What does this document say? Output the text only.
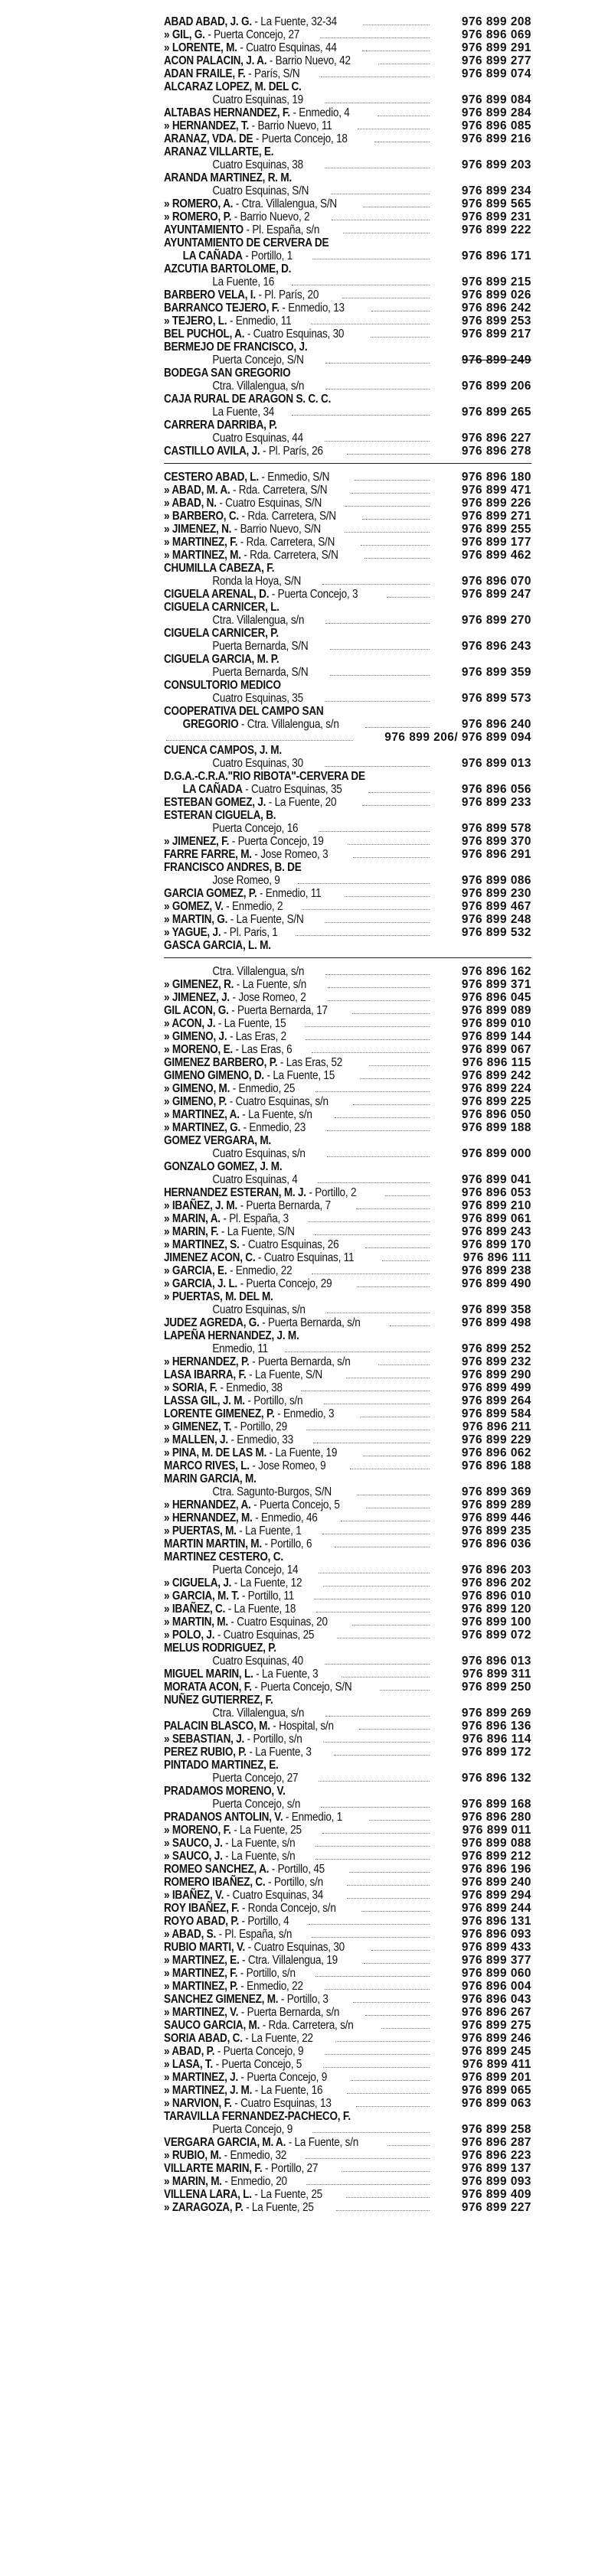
ABAD ABAD, J. G. - La Fuente, 32-34	976 899 208
» GIL, G. - Puerta Concejo, 27	976 896 069
» LORENTE, M. - Cuatro Esquinas, 44	976 899 291
ACON PALACIN, J. A. - Barrio Nuevo, 42	976 899 277
ADAN FRAILE, F. - París, S/N	976 899 074
ALCARAZ LOPEZ, M. DEL C.
Cuatro Esquinas, 19	976 899 084
ALTABAS HERNANDEZ, F. - Enmedio, 4	976 899 284
» HERNANDEZ, T. - Barrio Nuevo, 11	976 896 085
ARANAZ, VDA. DE - Puerta Concejo, 18	976 899 216
ARANAZ VILLARTE, E.
Cuatro Esquinas, 38	976 899 203
ARANDA MARTINEZ, R. M.
Cuatro Esquinas, S/N	976 899 234
» ROMERO, A. - Ctra. Villalengua, S/N	976 899 565
» ROMERO, P. - Barrio Nuevo, 2	976 899 231
AYUNTAMIENTO - Pl. España, s/n	976 899 222
AYUNTAMIENTO DE CERVERA DE
LA CAÑADA - Portillo, 1	976 896 171
AZCUTIA BARTOLOME, D.
La Fuente, 16	976 899 215
BARBERO VELA, I. - Pl. París, 20	976 899 026
BARRANCO TEJERO, F. - Enmedio, 13	976 896 242
» TEJERO, L. - Enmedio, 11	976 899 253
BEL PUCHOL, A. - Cuatro Esquinas, 30	976 899 217
BERMEJO DE FRANCISCO, J.
Puerta Concejo, S/N	976 899 249
BODEGA SAN GREGORIO
Ctra. Villalengua, s/n	976 899 206
CAJA RURAL DE ARAGON S. C. C.
La Fuente, 34	976 899 265
CARRERA DARRIBA, P.
Cuatro Esquinas, 44	976 896 227
CASTILLO AVILA, J. - Pl. París, 26	976 896 278
CESTERO ABAD, L. - Enmedio, S/N	976 896 180
» ABAD, M. A. - Rda. Carretera, S/N	976 899 471
» ABAD, N. - Cuatro Esquinas, S/N	976 899 226
» BARBERO, C. - Rda. Carretera, S/N	976 899 271
» JIMENEZ, N. - Barrio Nuevo, S/N	976 899 255
» MARTINEZ, F. - Rda. Carretera, S/N	976 899 177
» MARTINEZ, M. - Rda. Carretera, S/N	976 899 462
CHUMILLA CABEZA, F.
Ronda la Hoya, S/N	976 896 070
CIGUELA ARENAL, D. - Puerta Concejo, 3	976 899 247
CIGUELA CARNICER, L.
Ctra. Villalengua, s/n	976 899 270
CIGUELA CARNICER, P.
Puerta Bernarda, S/N	976 896 243
CIGUELA GARCIA, M. P.
Puerta Bernarda, S/N	976 899 359
CONSULTORIO MEDICO
Cuatro Esquinas, 35	976 899 573
COOPERATIVA DEL CAMPO SAN
GREGORIO - Ctra. Villalengua, s/n	976 896 240
976 899 206/ 976 899 094
CUENCA CAMPOS, J. M.
Cuatro Esquinas, 30	976 899 013
D.G.A.-C.R.A."RIO RIBOTA"-CERVERA DE
LA CAÑADA - Cuatro Esquinas, 35	976 896 056
ESTEBAN GOMEZ, J. - La Fuente, 20	976 899 233
ESTERAN CIGUELA, B.
Puerta Concejo, 16	976 899 578
» JIMENEZ, F. - Puerta Concejo, 19	976 899 370
FARRE FARRE, M. - Jose Romeo, 3	976 896 291
FRANCISCO ANDRES, B. DE
Jose Romeo, 9	976 899 086
GARCIA GOMEZ, P. - Enmedio, 11	976 899 230
» GOMEZ, V. - Enmedio, 2	976 899 467
» MARTIN, G. - La Fuente, S/N	976 899 248
» YAGUE, J. - Pl. Paris, 1	976 899 532
GASCA GARCIA, L. M.
Ctra. Villalengua, s/n	976 896 162
» GIMENEZ, R. - La Fuente, s/n	976 899 371
» JIMENEZ, J. - Jose Romeo, 2	976 896 045
GIL ACON, G. - Puerta Bernarda, 17	976 899 089
» ACON, J. - La Fuente, 15	976 899 010
» GIMENO, J. - Las Eras, 2	976 899 144
» MORENO, E. - Las Eras, 6	976 899 067
GIMENEZ BARBERO, P. - Las Eras, 52	976 896 115
GIMENO GIMENO, D. - La Fuente, 15	976 899 242
» GIMENO, M. - Enmedio, 25	976 899 224
» GIMENO, P. - Cuatro Esquinas, s/n	976 899 225
» MARTINEZ, A. - La Fuente, s/n	976 896 050
» MARTINEZ, G. - Enmedio, 23	976 899 188
GOMEZ VERGARA, M.
Cuatro Esquinas, s/n	976 899 000
GONZALO GOMEZ, J. M.
Cuatro Esquinas, 4	976 899 041
HERNANDEZ ESTERAN, M. J. - Portillo, 2	976 896 053
» IBAÑEZ, J. M. - Puerta Bernarda, 7	976 899 210
» MARIN, A. - Pl. España, 3	976 899 061
» MARIN, F. - La Fuente, S/N	976 899 243
» MARTINEZ, S. - Cuatro Esquinas, 26	976 899 170
JIMENEZ ACON, C. - Cuatro Esquinas, 11	976 896 111
» GARCIA, E. - Enmedio, 22	976 899 238
» GARCIA, J. L. - Puerta Concejo, 29	976 899 490
» PUERTAS, M. DEL M.
Cuatro Esquinas, s/n	976 899 358
JUDEZ AGREDA, G. - Puerta Bernarda, s/n	976 899 498
LAPEÑA HERNANDEZ, J. M.
Enmedio, 11	976 899 252
» HERNANDEZ, P. - Puerta Bernarda, s/n	976 899 232
LASA IBARRA, F. - La Fuente, S/N	976 899 290
» SORIA, F. - Enmedio, 38	976 899 499
LASSA GIL, J. M. - Portillo, s/n	976 899 264
LORENTE GIMENEZ, P. - Enmedio, 3	976 899 584
» GIMENEZ, T. - Portillo, 29	976 896 211
» MALLEN, J. - Enmedio, 33	976 899 229
» PINA, M. DE LAS M. - La Fuente, 19	976 896 062
MARCO RIVES, L. - Jose Romeo, 9	976 896 188
MARIN GARCIA, M.
Ctra. Sagunto-Burgos, S/N	976 899 369
» HERNANDEZ, A. - Puerta Concejo, 5	976 899 289
» HERNANDEZ, M. - Enmedio, 46	976 899 446
» PUERTAS, M. - La Fuente, 1	976 899 235
MARTIN MARTIN, M. - Portillo, 6	976 896 036
MARTINEZ CESTERO, C.
Puerta Concejo, 14	976 896 203
» CIGUELA, J. - La Fuente, 12	976 896 202
» GARCIA, M. T. - Portillo, 11	976 896 010
» IBAÑEZ, C. - La Fuente, 18	976 899 120
» MARTIN, M. - Cuatro Esquinas, 20	976 899 100
» POLO, J. - Cuatro Esquinas, 25	976 899 072
MELUS RODRIGUEZ, P.
Cuatro Esquinas, 40	976 896 013
MIGUEL MARIN, L. - La Fuente, 3	976 899 311
MORATA ACON, F. - Puerta Concejo, S/N	976 899 250
NUÑEZ GUTIERREZ, F.
Ctra. Villalengua, s/n	976 899 269
PALACIN BLASCO, M. - Hospital, s/n	976 896 136
» SEBASTIAN, J. - Portillo, s/n	976 896 114
PEREZ RUBIO, P. - La Fuente, 3	976 899 172
PINTADO MARTINEZ, E.
Puerta Concejo, 27	976 896 132
PRADAMOS MORENO, V.
Puerta Concejo, s/n	976 899 168
PRADANOS ANTOLIN, V. - Enmedio, 1	976 896 280
» MORENO, F. - La Fuente, 25	976 899 011
» SAUCO, J. - La Fuente, s/n	976 899 088
» SAUCO, J. - La Fuente, s/n	976 899 212
ROMEO SANCHEZ, A. - Portillo, 45	976 896 196
ROMERO IBAÑEZ, C. - Portillo, s/n	976 899 240
» IBAÑEZ, V. - Cuatro Esquinas, 34	976 899 294
ROY IBAÑEZ, F. - Ronda Concejo, s/n	976 899 244
ROYO ABAD, P. - Portillo, 4	976 896 131
» ABAD, S. - Pl. España, s/n	976 896 093
RUBIO MARTI, V. - Cuatro Esquinas, 30	976 899 433
» MARTINEZ, E. - Ctra. Villalengua, 19	976 899 377
» MARTINEZ, F. - Portillo, s/n	976 899 060
» MARTINEZ, P. - Enmedio, 22	976 896 004
SANCHEZ GIMENEZ, M. - Portillo, 3	976 896 043
» MARTINEZ, V. - Puerta Bernarda, s/n	976 896 267
SAUCO GARCIA, M. - Rda. Carretera, s/n	976 899 275
SORIA ABAD, C. - La Fuente, 22	976 899 246
» ABAD, P. - Puerta Concejo, 9	976 899 245
» LASA, T. - Puerta Concejo, 5	976 899 411
» MARTINEZ, J. - Puerta Concejo, 9	976 899 201
» MARTINEZ, J. M. - La Fuente, 16	976 899 065
» NARVION, F. - Cuatro Esquinas, 13	976 899 063
TARAVILLA FERNANDEZ-PACHECO, F.
Puerta Concejo, 9	976 899 258
VERGARA GARCIA, M. A. - La Fuente, s/n	976 896 287
» RUBIO, M. - Enmedio, 32	976 896 223
VILLARTE MARIN, F. - Portillo, 27	976 899 137
» MARIN, M. - Enmedio, 20	976 899 093
VILLENA LARA, L. - La Fuente, 25	976 899 409
» ZARAGOZA, P. - La Fuente, 25	976 899 227
